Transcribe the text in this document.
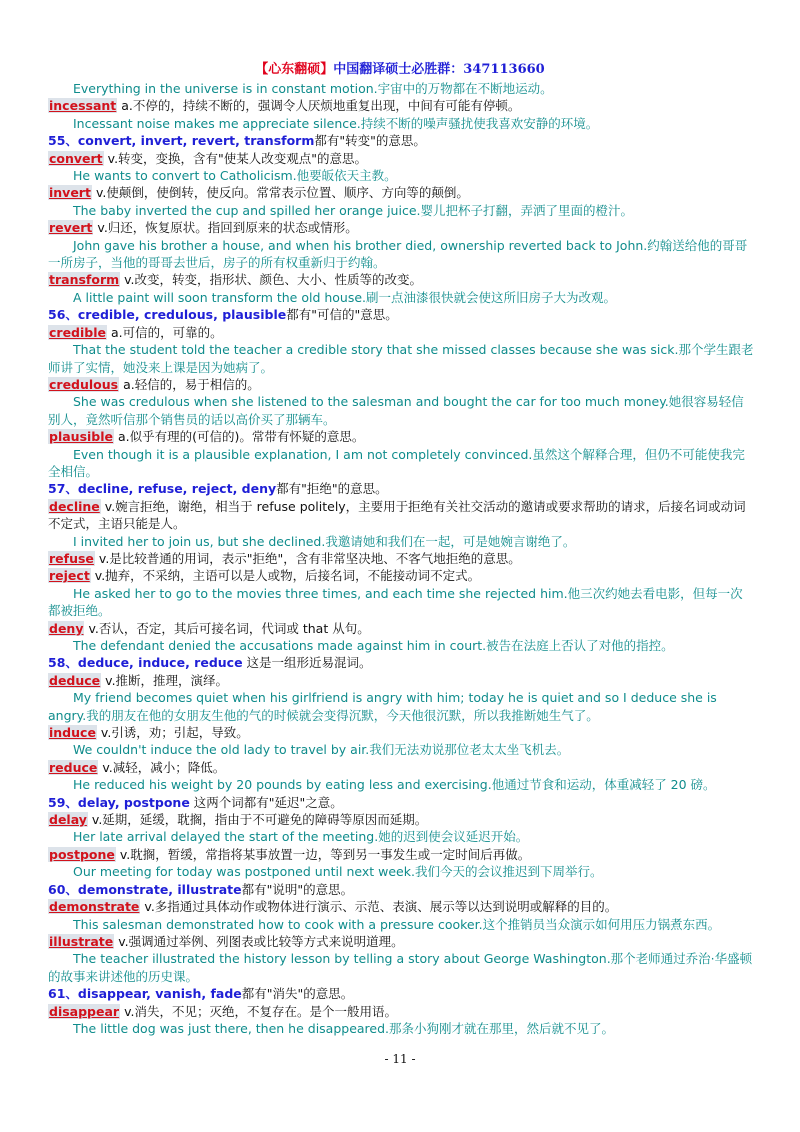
【心东翻硕】中国翻译硕士必胜群：347113660
Everything in the universe is in constant motion.宇宙中的万物都在不断地运动。
incessant a.不停的，持续不断的，强调令人厌烦地重复出现，中间有可能有停顿。
Incessant noise makes me appreciate silence.持续不断的噪声骚扰使我喜欢安静的环境。
55、convert, invert, revert, transform都有"转变"的意思。
convert v.转变，变换，含有"使某人改变观点"的意思。
He wants to convert to Catholicism.他要皈依天主教。
invert v.使颠倒，使倒转，使反向。常常表示位置、顺序、方向等的颠倒。
The baby inverted the cup and spilled her orange juice.婴儿把杯子打翻，弄洒了里面的橙汁。
revert v.归还，恢复原状。指回到原来的状态或情形。
John gave his brother a house, and when his brother died, ownership reverted back to John.约翰送给他的哥哥一所房子，当他的哥哥去世后，房子的所有权重新归于约翰。
transform v.改变，转变，指形状、颜色、大小、性质等的改变。
A little paint will soon transform the old house.刷一点油漆很快就会使这所旧房子大为改观。
56、credible, credulous, plausible都有"可信的"意思。
credible a.可信的，可靠的。
That the student told the teacher a credible story that she missed classes because she was sick.那个学生跟老师讲了实情，她没来上课是因为她病了。
credulous a.轻信的，易于相信的。
She was credulous when she listened to the salesman and bought the car for too much money.她很容易轻信别人，竟然听信那个销售员的话以高价买了那辆车。
plausible a.似乎有理的(可信的)。常带有怀疑的意思。
Even though it is a plausible explanation, I am not completely convinced.虽然这个解释合理，但仍不可能使我完全相信。
57、decline, refuse, reject, deny都有"拒绝"的意思。
decline v.婉言拒绝，谢绝，相当于 refuse politely，主要用于拒绝有关社交活动的邀请或要求帮助的请求，后接名词或动词不定式，主语只能是人。
I invited her to join us, but she declined.我邀请她和我们在一起，可是她婉言谢绝了。
refuse v.是比较普通的用词，表示"拒绝"，含有非常坚决地、不客气地拒绝的意思。
reject v.抛弃，不采纳，主语可以是人或物，后接名词，不能接动词不定式。
He asked her to go to the movies three times, and each time she rejected him.他三次约她去看电影，但每一次都被拒绝。
deny v.否认，否定，其后可接名词，代词或 that 从句。
The defendant denied the accusations made against him in court.被告在法庭上否认了对他的指控。
58、deduce, induce, reduce 这是一组形近易混词。
deduce v.推断，推理，演绎。
My friend becomes quiet when his girlfriend is angry with him; today he is quiet and so I deduce she is angry.我的朋友在他的女朋友生他的气的时候就会变得沉默，今天他很沉默，所以我推断她生气了。
induce v.引诱，劝；引起，导致。
We couldn't induce the old lady to travel by air.我们无法劝说那位老太太坐飞机去。
reduce v.减轻，减小；降低。
He reduced his weight by 20 pounds by eating less and exercising.他通过节食和运动，体重减轻了 20 磅。
59、delay, postpone 这两个词都有"延迟"之意。
delay v.延期，延缓，耽搁，指由于不可避免的障碍等原因而延期。
Her late arrival delayed the start of the meeting.她的迟到使会议延迟开始。
postpone v.耽搁，暂缓，常指将某事放置一边，等到另一事发生或一定时间后再做。
Our meeting for today was postponed until next week.我们今天的会议推迟到下周举行。
60、demonstrate, illustrate都有"说明"的意思。
demonstrate v.多指通过具体动作或物体进行演示、示范、表演、展示等以达到说明或解释的目的。
This salesman demonstrated how to cook with a pressure cooker.这个推销员当众演示如何用压力锅煮东西。
illustrate v.强调通过举例、列图表或比较等方式来说明道理。
The teacher illustrated the history lesson by telling a story about George Washington.那个老师通过乔治·华盛顿的故事来讲述他的历史课。
61、disappear, vanish, fade都有"消失"的意思。
disappear v.消失，不见；灭绝，不复存在。是个一般用语。
The little dog was just there, then he disappeared.那条小狗刚才就在那里，然后就不见了。
- 11 -
